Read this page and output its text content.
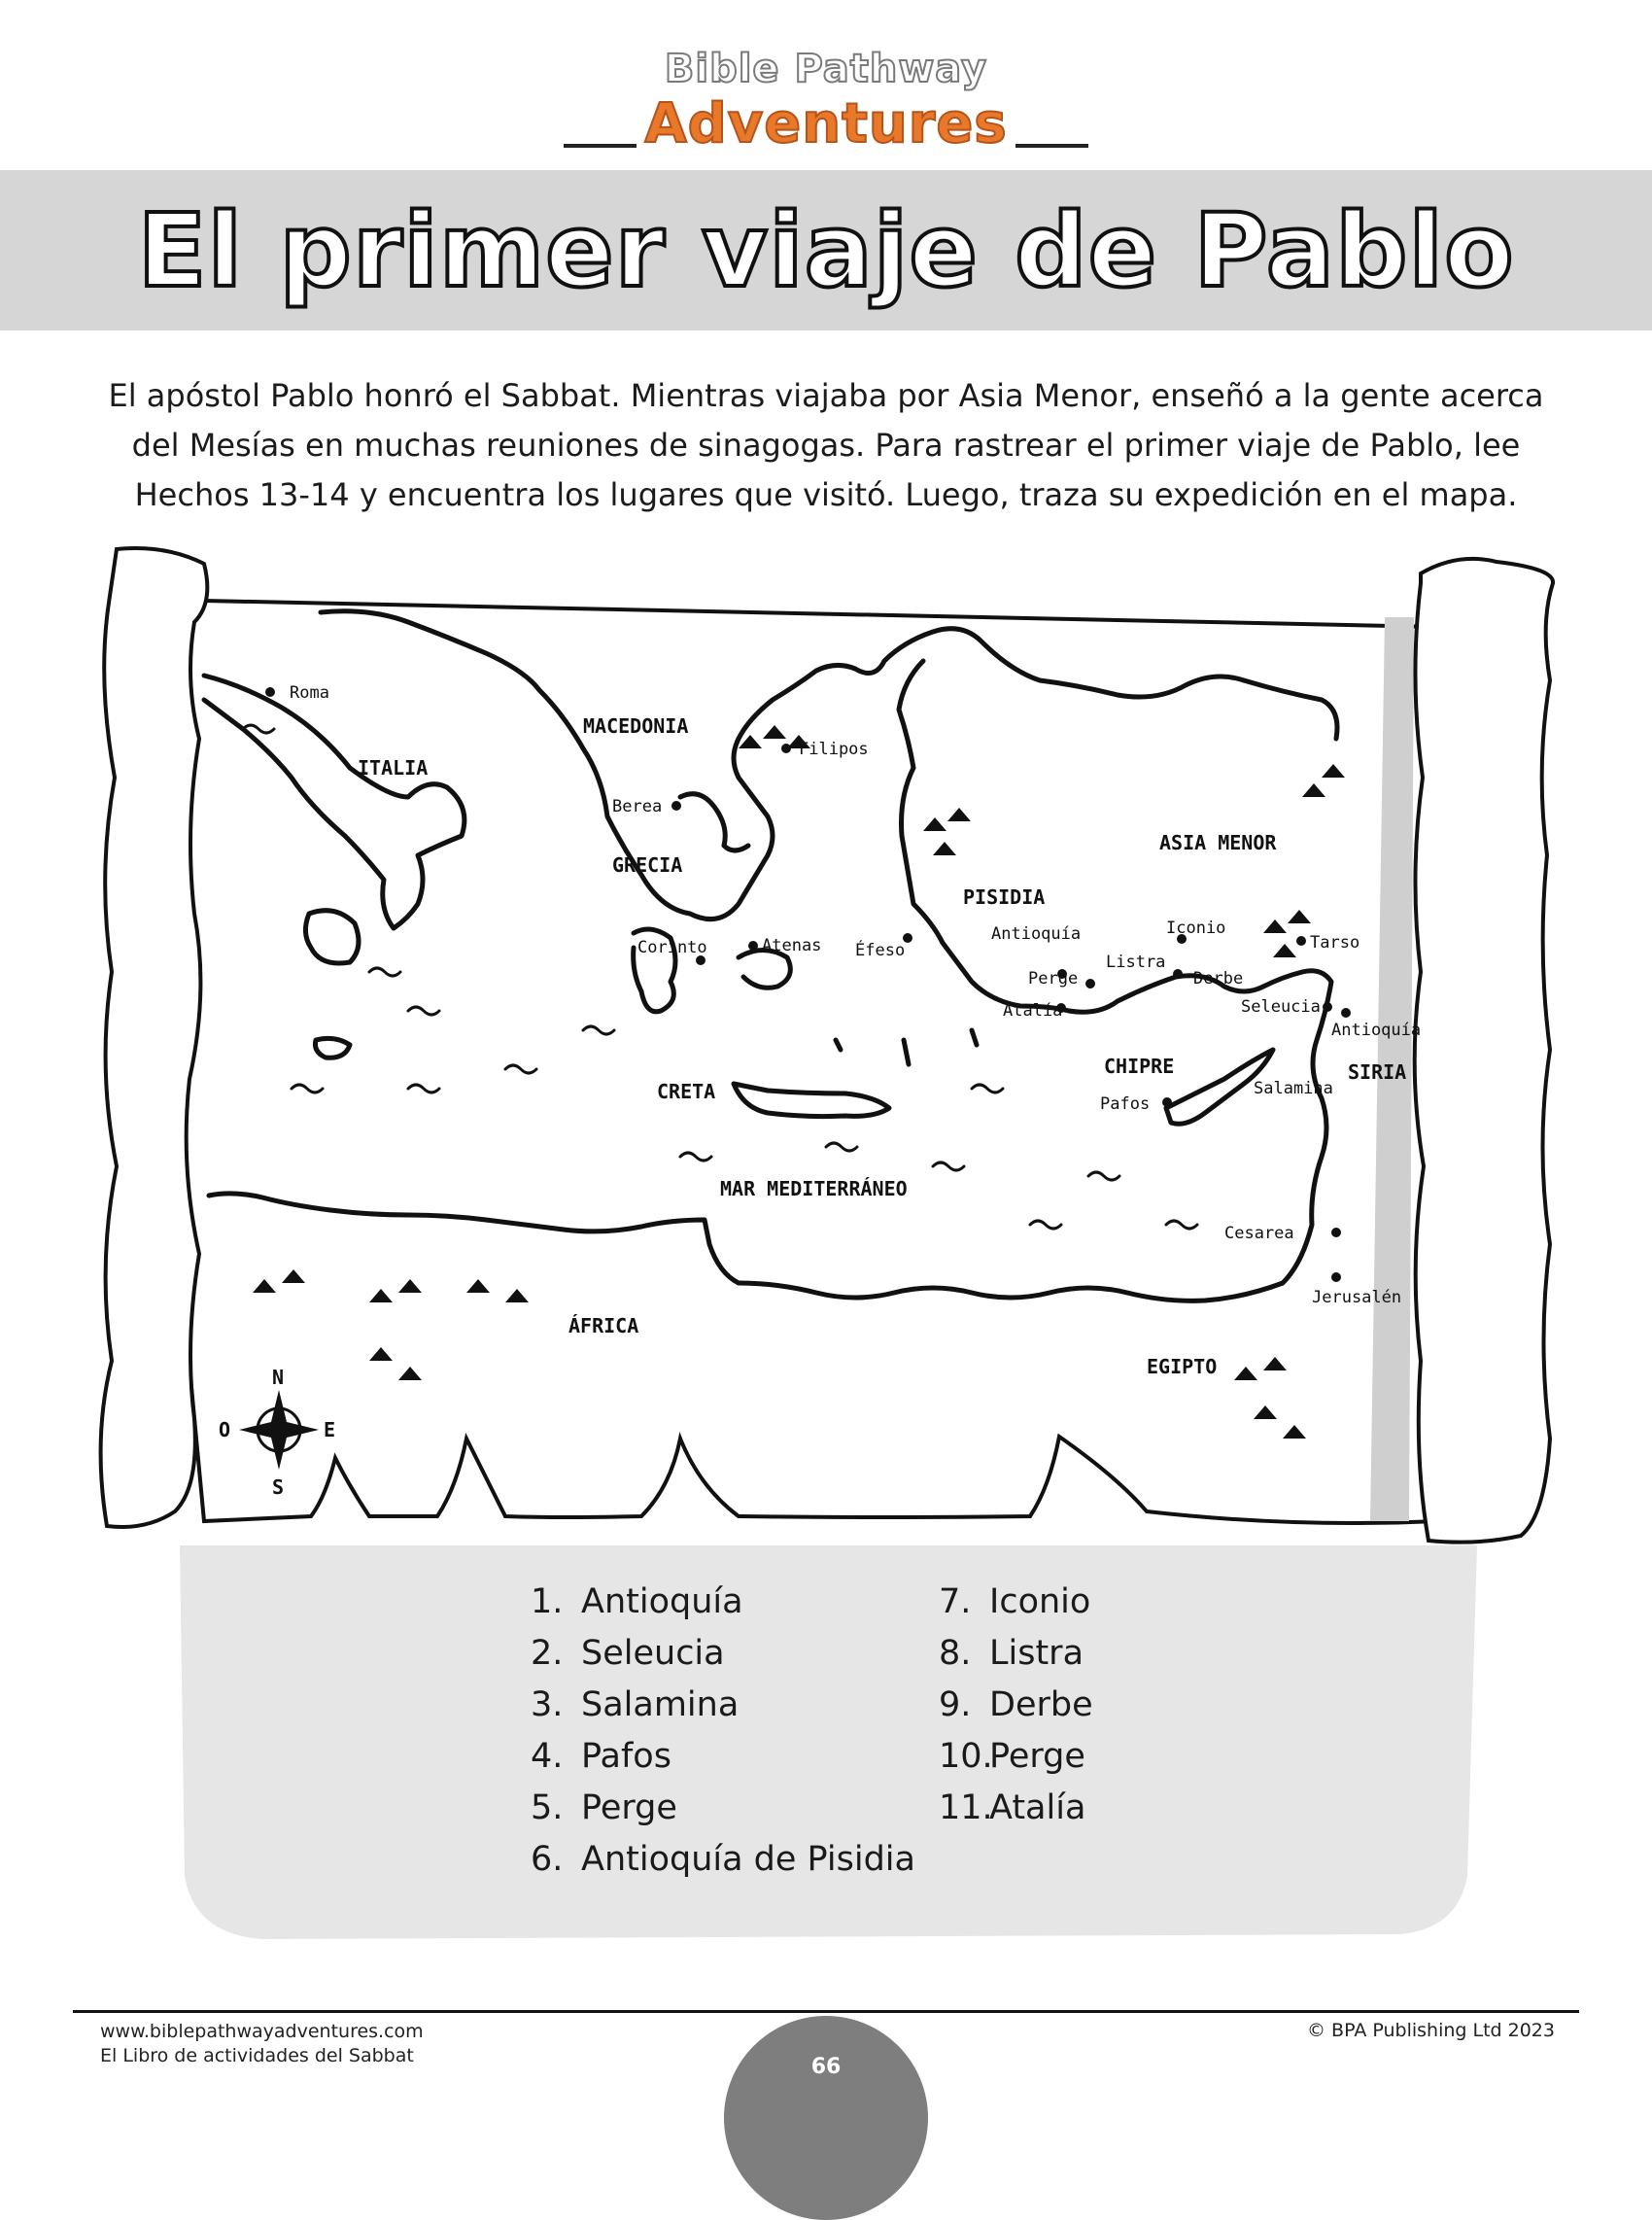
Bible Pathway
Adventures
El primer viaje de Pablo
El apóstol Pablo honró el Sabbat. Mientras viajaba por Asia Menor, enseñó a la gente acerca
del Mesías en muchas reuniones de sinagogas. Para rastrear el primer viaje de Pablo, lee
Hechos 13-14 y encuentra los lugares que visitó. Luego, traza su expedición en el mapa.
MACEDONIA
ITALIA
GRECIA
PISIDIA
ASIA MENOR
CHIPRE	SIRIA
CRETA
MAR MEDITERRÁNEO
ÁFRICA
EGIPTO
Roma
Filipos
Berea
Corinto	Atenas Éfeso
Antioquía	Iconio
Tarso
Listra
Perge	Derbe
Atalía	Seleucia
Antioquía
Pafos
Salamina
Cesarea
Jerusalén
N
E
S
O
1. Antioquía
2. Seleucia
3. Salamina
4. Pafos
5. Perge
6. Antioquía de Pisidia
7. Iconio
8. Listra
9. Derbe
10.Perge
11.Atalía
66
www.biblepathwayadventures.com
El Libro de actividades del Sabbat
© BPA Publishing Ltd 2023
